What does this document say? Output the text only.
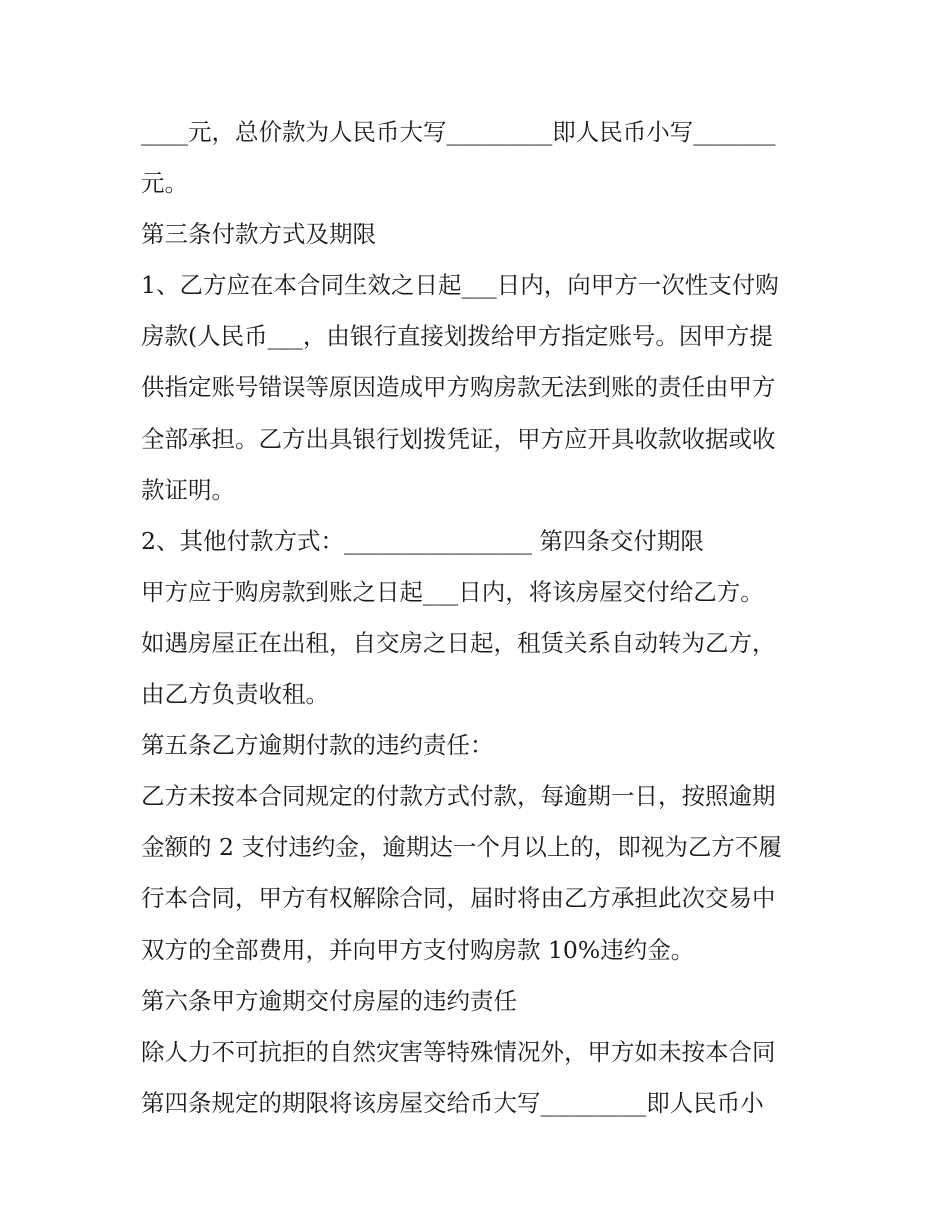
____元，总价款为人民币大写_________即人民币小写_______
元。
第三条付款方式及期限
1、乙方应在本合同生效之日起___日内，向甲方一次性支付购
房款(人民币___，由银行直接划拨给甲方指定账号。因甲方提
供指定账号错误等原因造成甲方购房款无法到账的责任由甲方
全部承担。乙方出具银行划拨凭证，甲方应开具收款收据或收
款证明。
2、其他付款方式：________________ 第四条交付期限
甲方应于购房款到账之日起___日内，将该房屋交付给乙方。
如遇房屋正在出租，自交房之日起，租赁关系自动转为乙方，
由乙方负责收租。
第五条乙方逾期付款的违约责任：
乙方未按本合同规定的付款方式付款，每逾期一日，按照逾期
金额的 2 支付违约金，逾期达一个月以上的，即视为乙方不履
行本合同，甲方有权解除合同，届时将由乙方承担此次交易中
双方的全部费用，并向甲方支付购房款 10%违约金。
第六条甲方逾期交付房屋的违约责任
除人力不可抗拒的自然灾害等特殊情况外，甲方如未按本合同
第四条规定的期限将该房屋交给币大写_________即人民币小
